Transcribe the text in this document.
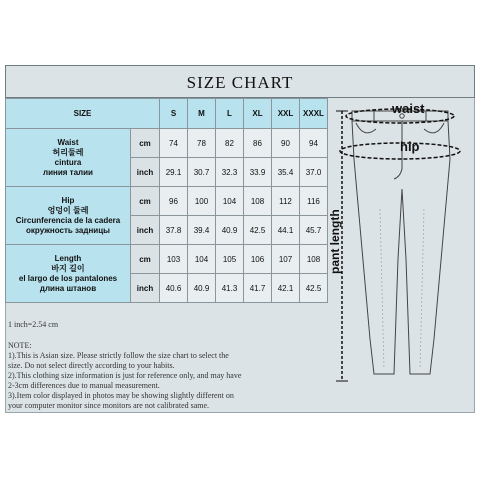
SIZE CHART
SIZE		S	M	L	XL	XXL	XXXL

Waist
허리둘레
cintura
линия талии	cm	74	78	82	86	90	94
	inch	29.1	30.7	32.3	33.9	35.4	37.0

Hip
엉덩이 둘레
Circunferencia de la cadera
окружность задницы	cm	96	100	104	108	112	116
	inch	37.8	39.4	40.9	42.5	44.1	45.7

Length
바지 길이
el largo de los pantalones
длина штанов	cm	103	104	105	106	107	108
	inch	40.6	40.9	41.3	41.7	42.1	42.5
1 inch=2.54 cm
NOTE:
1).This is Asian size. Please strictly follow the size chart to select the
size. Do not select directly according to your habits.
2).This clothing size information is just for reference only, and may have
2-3cm differences due to manual measurement.
3).Item color displayed in photos may be showing slightly different on
your computer monitor since monitors are not calibrated same.
waist
hip
pant length
